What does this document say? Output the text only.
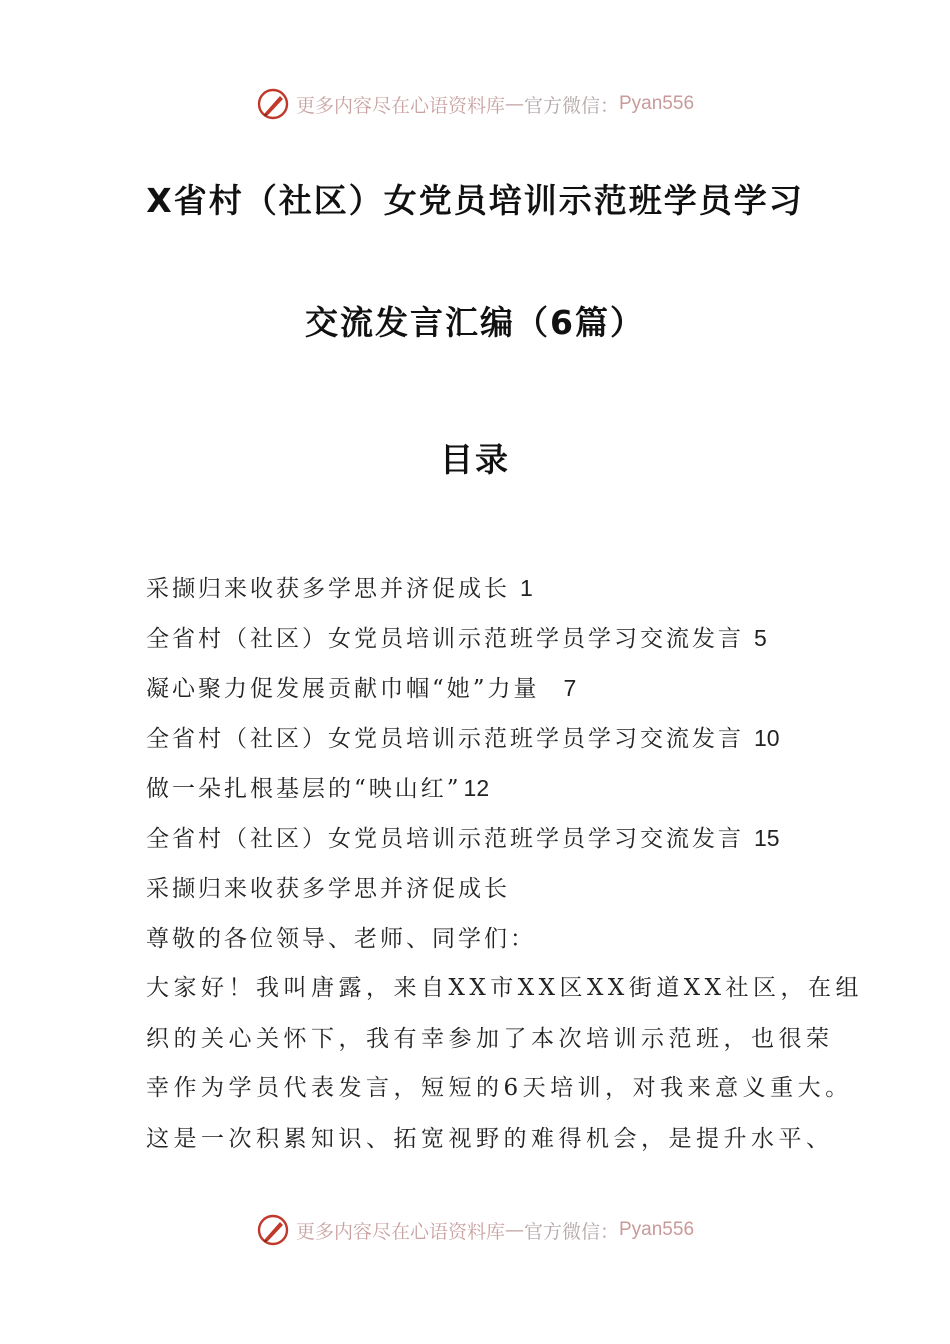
更多内容尽在心语资料库 — 官方微信： Pyan556
X省村（社区）女党员培训示范班学员学习
交流发言汇编（6篇）
目录
采撷归来收获多学思并济促成长 1
全省村（社区）女党员培训示范班学员学习交流发言 5
凝心聚力促发展贡献巾帼“她”力量 7
全省村（社区）女党员培训示范班学员学习交流发言 10
做一朵扎根基层的“映山红”12
全省村（社区）女党员培训示范班学员学习交流发言 15
采撷归来收获多学思并济促成长
尊敬的各位领导、老师、同学们：
大家好！我叫唐露，来自XX市XX区XX街道XX社区，在组
织的关心关怀下，我有幸参加了本次培训示范班，也很荣
幸作为学员代表发言，短短的6天培训，对我来意义重大。
这是一次积累知识、拓宽视野的难得机会，是提升水平、
更多内容尽在心语资料库 — 官方微信： Pyan556
